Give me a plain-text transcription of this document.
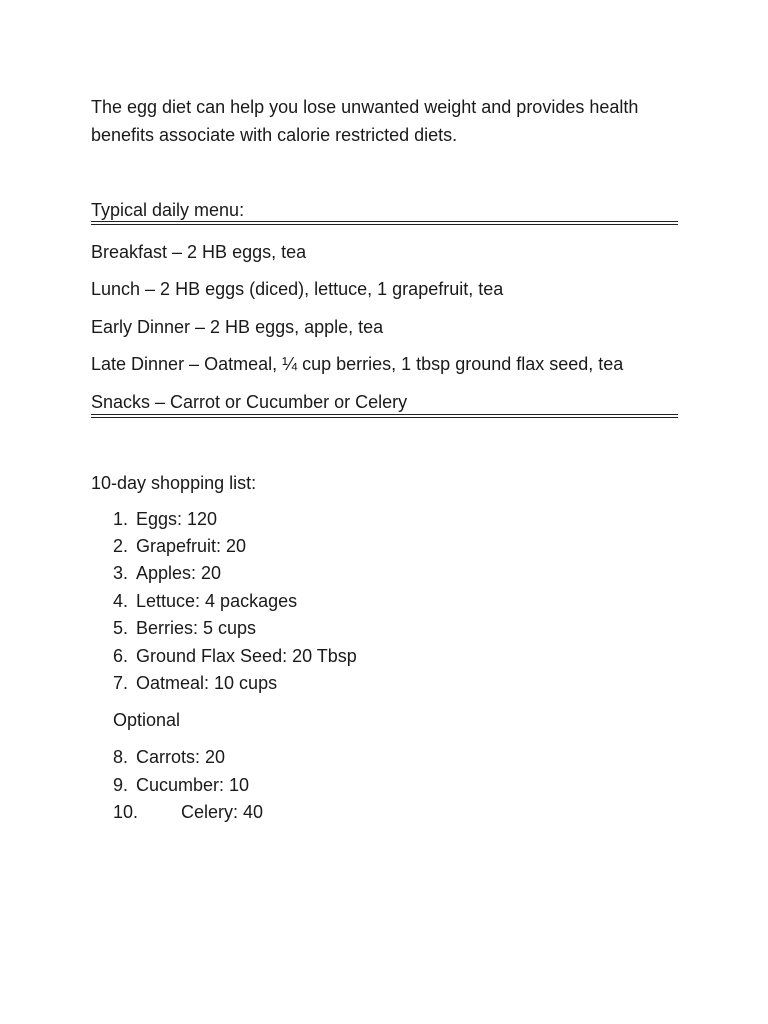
The egg diet can help you lose unwanted weight and provides health benefits associate with calorie restricted diets.

Typical daily menu:

Breakfast – 2 HB eggs, tea

Lunch – 2 HB eggs (diced), lettuce, 1 grapefruit, tea

Early Dinner – 2 HB eggs, apple, tea

Late Dinner – Oatmeal, ¼ cup berries, 1 tbsp ground flax seed, tea

Snacks – Carrot or Cucumber or Celery

10-day shopping list:

1. Eggs: 120
2. Grapefruit: 20
3. Apples: 20
4. Lettuce: 4 packages
5. Berries: 5 cups
6. Ground Flax Seed: 20 Tbsp
7. Oatmeal: 10 cups
Optional
8. Carrots: 20
9. Cucumber: 10
10. Celery: 40
